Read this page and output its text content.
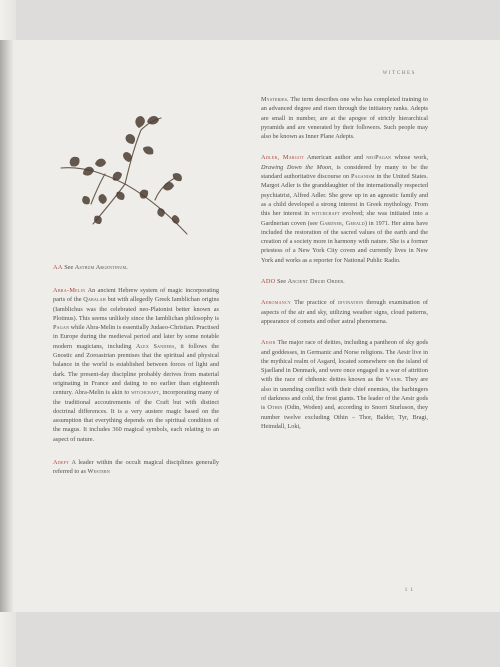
WITCHES
AA See Astrum Argentinum.

Abra-Melin An ancient Hebrew system of magic incorporating parts of the Qabalah but with allegedly Greek Iamblichan origins (Iamblichus was the celebrated neo-Platonist better known as Plotinus). This seems unlikely since the Iamblichan philosophy is Pagan while Abra-Melin is essentially Judaeo-Christian. Practised in Europe during the medieval period and later by some notable modern magicians, including Alex Sanders, it follows the Gnostic and Zoroastrian premises that the spiritual and physical balance in the world is established between forces of light and dark. The present-day discipline probably derives from material originating in France and dating to no earlier than eighteenth century. Abra-Melin is akin to witchcraft, incorporating many of the traditional accoutrements of the Craft but with distinct doctrinal differences. It is a very austere magic based on the assumption that everything depends on the spiritual condition of the magus. It includes 360 magical symbols, each relating to an aspect of nature.

Adept A leader within the occult magical disciplines generally referred to as Western

Mysteries. The term describes one who has completed training to an advanced degree and risen through the initiatory ranks. Adepts are small in number, are at the apogee of strictly hierarchical pyramids and are venerated by their followers. Such people may also be known as Inner Plane Adepts.

Adler, Margot American author and neoPagan whose work, Drawing Down the Moon, is considered by many to be the standard authoritative discourse on Paganism in the United States. Margot Adler is the granddaughter of the internationally respected psychiatrist, Alfred Adler. She grew up in an agnostic family and as a child developed a strong interest in Greek mythology. From this her interest in witchcraft evolved; she was initiated into a Gardnerian coven (see Gardner, Gerald) in 1971. Her aims have included the restoration of the sacred values of the earth and the creation of a society more in harmony with nature. She is a former priestess of a New York City coven and currently lives in New York and works as a reporter for National Public Radio.

ADO See Ancient Druid Order.

Aeromancy The practice of divination through examination of aspects of the air and sky, utilizing weather signs, cloud patterns, appearance of comets and other astral phenomena.

Aesir The major race of deities, including a pantheon of sky gods and goddesses, in Germanic and Norse religions. The Aesir live in the mythical realm of Asgard, located somewhere on the island of Sjaelland in Denmark, and were once engaged in a war of attrition with the race of chthonic deities known as the Vanir. They are also in unending conflict with their chief enemies, the harbingers of darkness and cold, the frost giants. The leader of the Aesir gods is Othin (Odin, Woden) and, according to Snorri Sturluson, they number twelve excluding Othin – Thor, Balder, Tyr, Bragi, Heimdall, Loki,

1 1
